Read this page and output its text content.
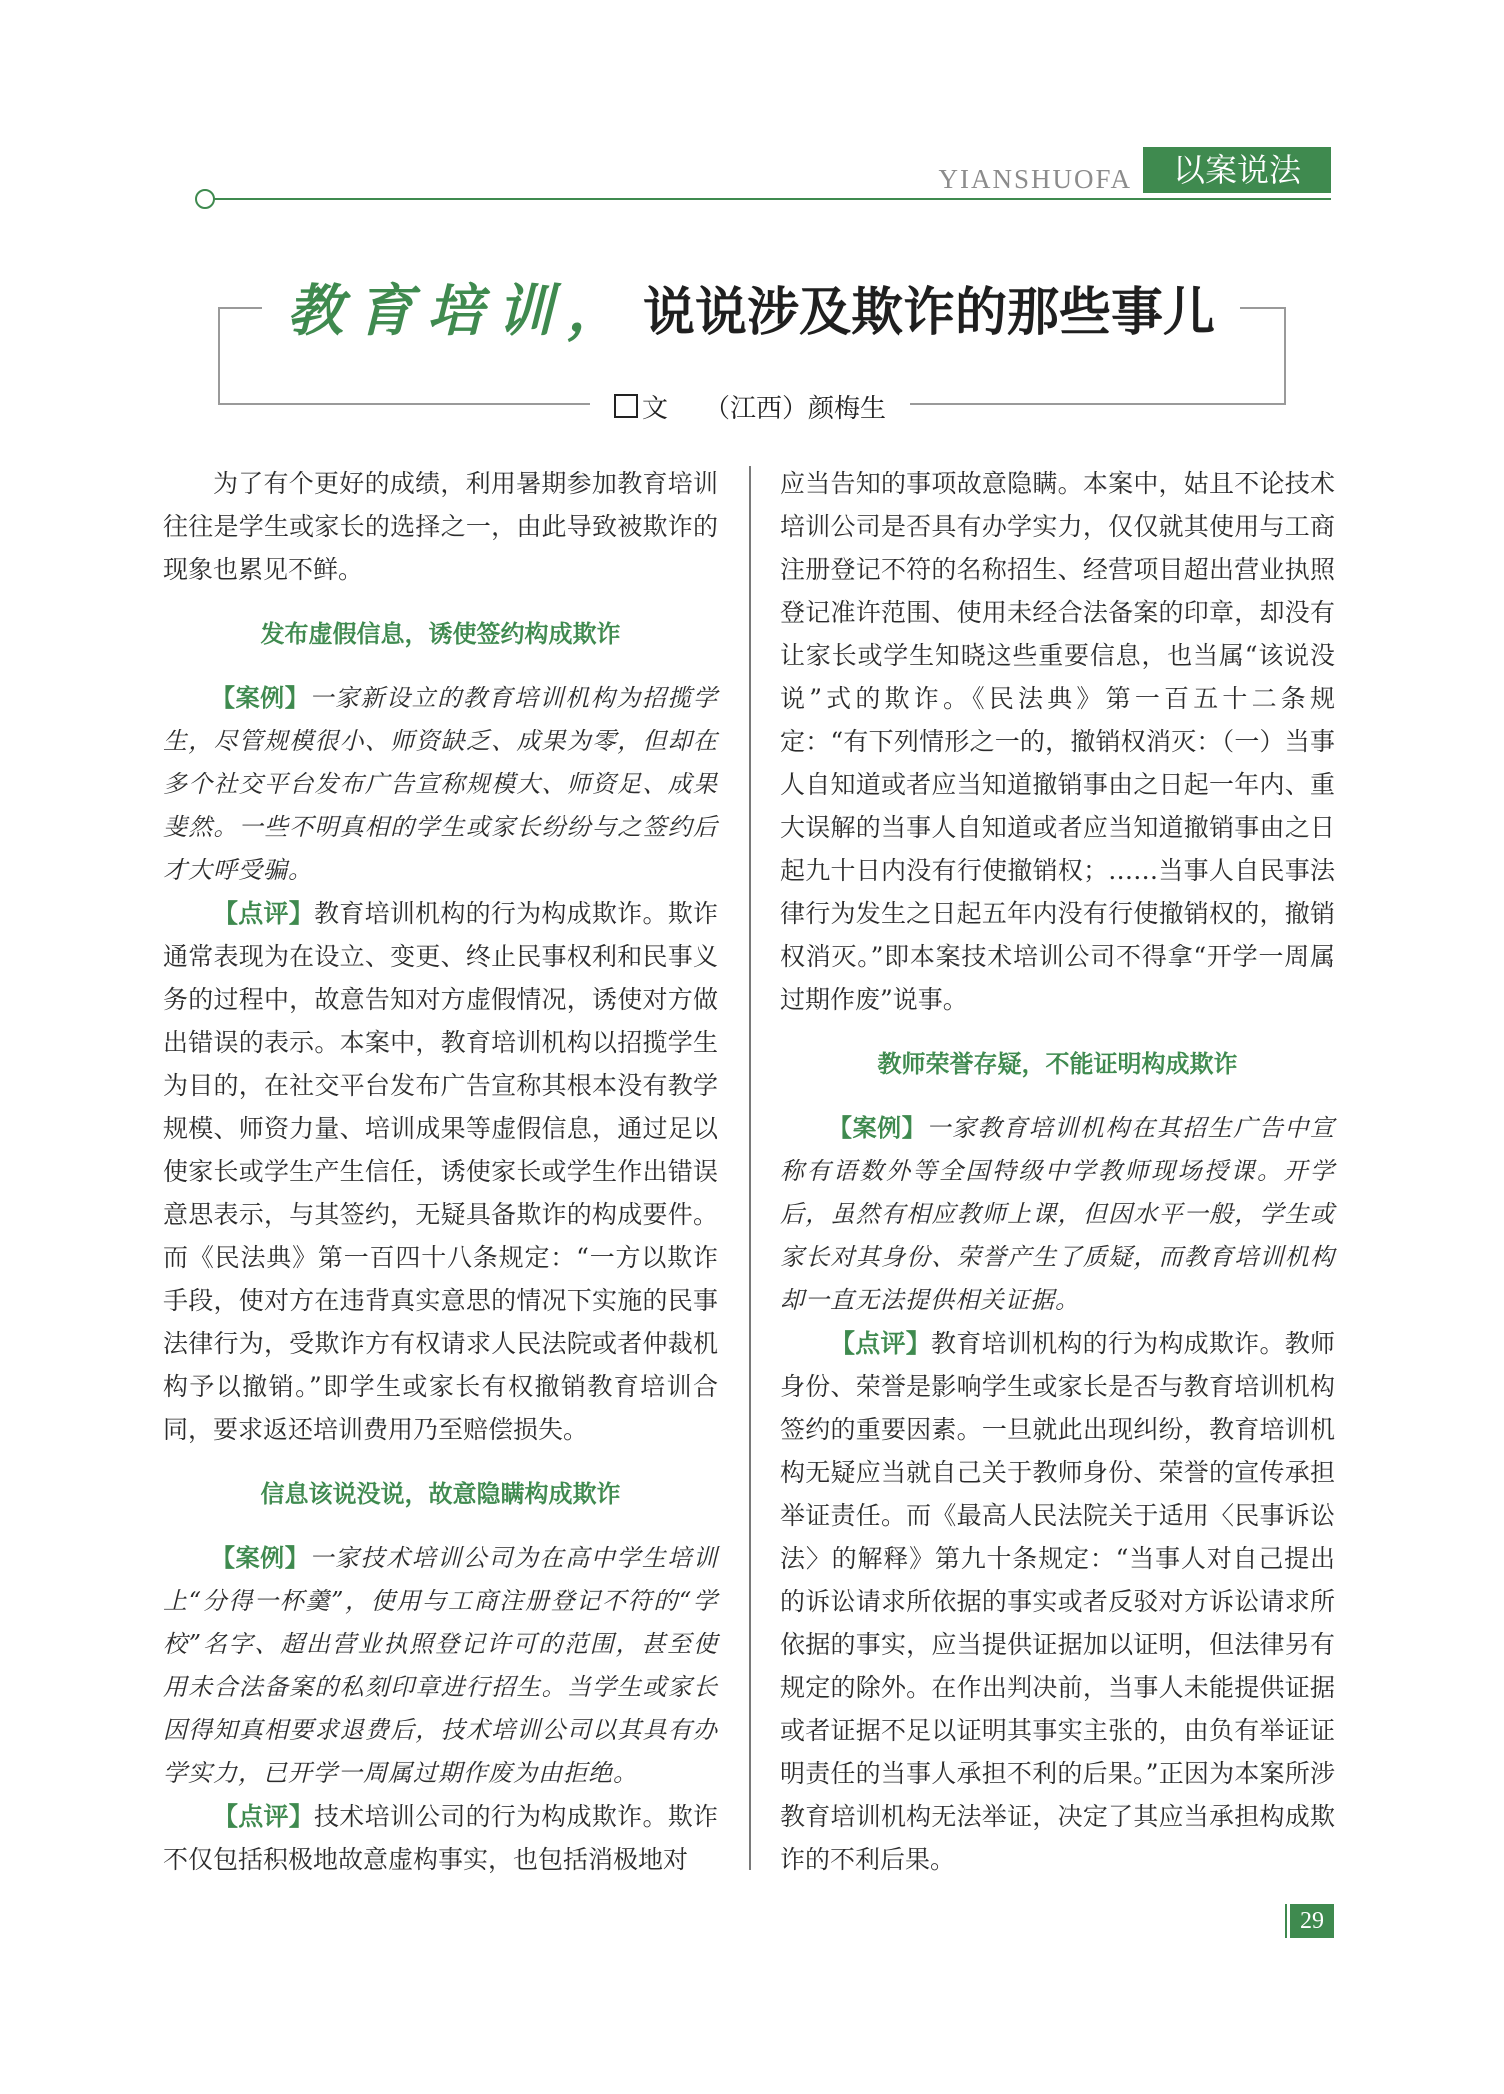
YIANSHUOFA	以案说法
教育培训， 说说涉及欺诈的那些事儿
文 （江西）颜梅生

为了有个更好的成绩，利用暑期参加教育培训往往是学生或家长的选择之一，由此导致被欺诈的现象也累见不鲜。

发布虚假信息，诱使签约构成欺诈

【案例】一家新设立的教育培训机构为招揽学生，尽管规模很小、师资缺乏、成果为零，但却在多个社交平台发布广告宣称规模大、师资足、成果斐然。一些不明真相的学生或家长纷纷与之签约后才大呼受骗。

【点评】教育培训机构的行为构成欺诈。欺诈通常表现为在设立、变更、终止民事权利和民事义务的过程中，故意告知对方虚假情况，诱使对方做出错误的表示。本案中，教育培训机构以招揽学生为目的，在社交平台发布广告宣称其根本没有教学规模、师资力量、培训成果等虚假信息，通过足以使家长或学生产生信任，诱使家长或学生作出错误意思表示，与其签约，无疑具备欺诈的构成要件。而《民法典》第一百四十八条规定：“一方以欺诈手段，使对方在违背真实意思的情况下实施的民事法律行为，受欺诈方有权请求人民法院或者仲裁机构予以撤销。”即学生或家长有权撤销教育培训合同，要求返还培训费用乃至赔偿损失。

信息该说没说，故意隐瞒构成欺诈

【案例】一家技术培训公司为在高中学生培训上“分得一杯羹”，使用与工商注册登记不符的“学校”名字、超出营业执照登记许可的范围，甚至使用未合法备案的私刻印章进行招生。当学生或家长因得知真相要求退费后，技术培训公司以其具有办学实力，已开学一周属过期作废为由拒绝。

【点评】技术培训公司的行为构成欺诈。欺诈不仅包括积极地故意虚构事实，也包括消极地对

应当告知的事项故意隐瞒。本案中，姑且不论技术培训公司是否具有办学实力，仅仅就其使用与工商注册登记不符的名称招生、经营项目超出营业执照登记准许范围、使用未经合法备案的印章，却没有让家长或学生知晓这些重要信息，也当属“该说没说”式的欺诈。《民法典》第一百五十二条规定：“有下列情形之一的，撤销权消灭：（一）当事人自知道或者应当知道撤销事由之日起一年内、重大误解的当事人自知道或者应当知道撤销事由之日起九十日内没有行使撤销权；……当事人自民事法律行为发生之日起五年内没有行使撤销权的，撤销权消灭。”即本案技术培训公司不得拿“开学一周属过期作废”说事。

教师荣誉存疑，不能证明构成欺诈

【案例】一家教育培训机构在其招生广告中宣称有语数外等全国特级中学教师现场授课。开学后，虽然有相应教师上课，但因水平一般，学生或家长对其身份、荣誉产生了质疑，而教育培训机构却一直无法提供相关证据。

【点评】教育培训机构的行为构成欺诈。教师身份、荣誉是影响学生或家长是否与教育培训机构签约的重要因素。一旦就此出现纠纷，教育培训机构无疑应当就自己关于教师身份、荣誉的宣传承担举证责任。而《最高人民法院关于适用〈民事诉讼法〉的解释》第九十条规定：“当事人对自己提出的诉讼请求所依据的事实或者反驳对方诉讼请求所依据的事实，应当提供证据加以证明，但法律另有规定的除外。在作出判决前，当事人未能提供证据或者证据不足以证明其事实主张的，由负有举证证明责任的当事人承担不利的后果。”正因为本案所涉教育培训机构无法举证，决定了其应当承担构成欺诈的不利后果。

29
